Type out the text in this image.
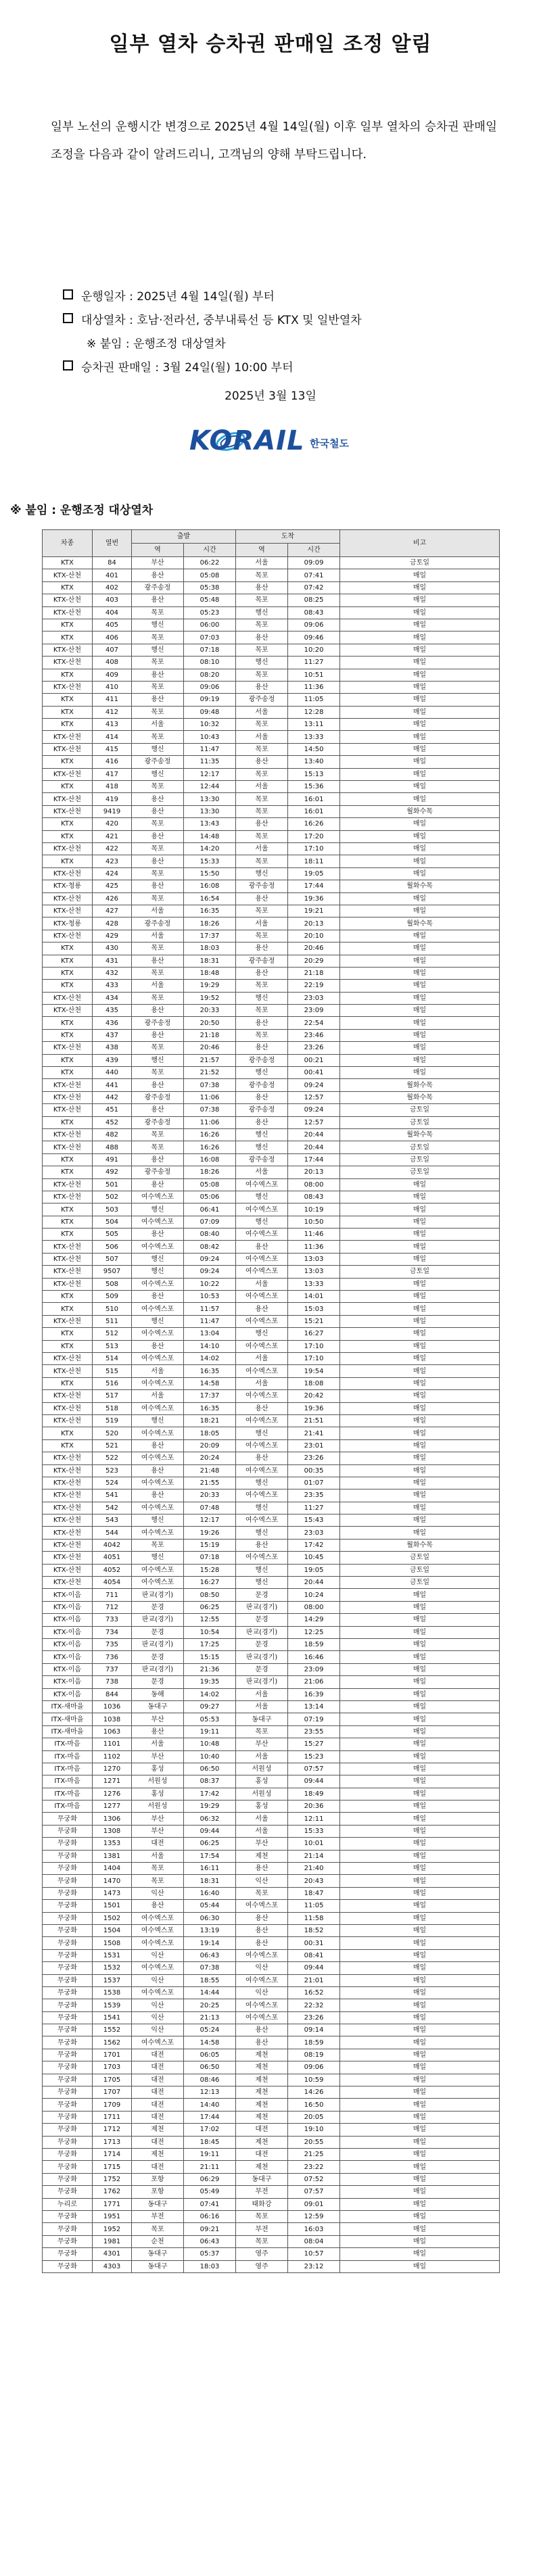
일부 열차 승차권 판매일 조정 알림
일부 노선의 운행시간 변경으로 2025년 4월 14일(월) 이후 일부 열차의 승차권 판매일 조정을 다음과 같이 알려드리니, 고객님의 양해 부탁드립니다.
운행일자 : 2025년 4월 14일(월) 부터
대상열차 : 호남·전라선, 중부내륙선 등 KTX 및 일반열차
※ 붙임 : 운행조정 대상열차
승차권 판매일 : 3월 24일(월) 10:00 부터
2025년 3월 13일
KORAIL 한국철도
※ 붙임 : 운행조정 대상열차
차종	열번	출발		도착		비고
		역	시간	역	시간	
KTX	84	부산	06:22	서울	09:09	금토일
KTX-산천	401	용산	05:08	목포	07:41	매일
KTX	402	광주송정	05:38	용산	07:42	매일
KTX-산천	403	용산	05:48	목포	08:25	매일
KTX-산천	404	목포	05:23	행신	08:43	매일
KTX	405	행신	06:00	목포	09:06	매일
KTX	406	목포	07:03	용산	09:46	매일
KTX-산천	407	행신	07:18	목포	10:20	매일
KTX-산천	408	목포	08:10	행신	11:27	매일
KTX	409	용산	08:20	목포	10:51	매일
KTX-산천	410	목포	09:06	용산	11:36	매일
KTX	411	용산	09:19	광주송정	11:05	매일
KTX	412	목포	09:48	서울	12:28	매일
KTX	413	서울	10:32	목포	13:11	매일
KTX-산천	414	목포	10:43	서울	13:33	매일
KTX-산천	415	행신	11:47	목포	14:50	매일
KTX	416	광주송정	11:35	용산	13:40	매일
KTX-산천	417	행신	12:17	목포	15:13	매일
KTX	418	목포	12:44	서울	15:36	매일
KTX-산천	419	용산	13:30	목포	16:01	매일
KTX-산천	9419	용산	13:30	목포	16:01	월화수목
KTX	420	목포	13:43	용산	16:26	매일
KTX	421	용산	14:48	목포	17:20	매일
KTX-산천	422	목포	14:20	서울	17:10	매일
KTX	423	용산	15:33	목포	18:11	매일
KTX-산천	424	목포	15:50	행신	19:05	매일
KTX-청룡	425	용산	16:08	광주송정	17:44	월화수목
KTX-산천	426	목포	16:54	용산	19:36	매일
KTX-산천	427	서울	16:35	목포	19:21	매일
KTX-청룡	428	광주송정	18:26	서울	20:13	월화수목
KTX-산천	429	서울	17:37	목포	20:10	매일
KTX	430	목포	18:03	용산	20:46	매일
KTX	431	용산	18:31	광주송정	20:29	매일
KTX	432	목포	18:48	용산	21:18	매일
KTX	433	서울	19:29	목포	22:19	매일
KTX-산천	434	목포	19:52	행신	23:03	매일
KTX-산천	435	용산	20:33	목포	23:09	매일
KTX	436	광주송정	20:50	용산	22:54	매일
KTX	437	용산	21:18	목포	23:46	매일
KTX-산천	438	목포	20:46	용산	23:26	매일
KTX	439	행신	21:57	광주송정	00:21	매일
KTX	440	목포	21:52	행신	00:41	매일
KTX-산천	441	용산	07:38	광주송정	09:24	월화수목
KTX-산천	442	광주송정	11:06	용산	12:57	월화수목
KTX-산천	451	용산	07:38	광주송정	09:24	금토일
KTX	452	광주송정	11:06	용산	12:57	금토일
KTX-산천	482	목포	16:26	행신	20:44	월화수목
KTX-산천	488	목포	16:26	행신	20:44	금토일
KTX	491	용산	16:08	광주송정	17:44	금토일
KTX	492	광주송정	18:26	서울	20:13	금토일
KTX-산천	501	용산	05:08	여수엑스포	08:00	매일
KTX-산천	502	여수엑스포	05:06	행신	08:43	매일
KTX	503	행신	06:41	여수엑스포	10:19	매일
KTX	504	여수엑스포	07:09	행신	10:50	매일
KTX	505	용산	08:40	여수엑스포	11:46	매일
KTX-산천	506	여수엑스포	08:42	용산	11:36	매일
KTX-산천	507	행신	09:24	여수엑스포	13:03	매일
KTX-산천	9507	행신	09:24	여수엑스포	13:03	금토일
KTX-산천	508	여수엑스포	10:22	서울	13:33	매일
KTX	509	용산	10:53	여수엑스포	14:01	매일
KTX	510	여수엑스포	11:57	용산	15:03	매일
KTX-산천	511	행신	11:47	여수엑스포	15:21	매일
KTX	512	여수엑스포	13:04	행신	16:27	매일
KTX	513	용산	14:10	여수엑스포	17:10	매일
KTX-산천	514	여수엑스포	14:02	서울	17:10	매일
KTX-산천	515	서울	16:35	여수엑스포	19:54	매일
KTX	516	여수엑스포	14:58	서울	18:08	매일
KTX-산천	517	서울	17:37	여수엑스포	20:42	매일
KTX-산천	518	여수엑스포	16:35	용산	19:36	매일
KTX-산천	519	행신	18:21	여수엑스포	21:51	매일
KTX	520	여수엑스포	18:05	행신	21:41	매일
KTX	521	용산	20:09	여수엑스포	23:01	매일
KTX-산천	522	여수엑스포	20:24	용산	23:26	매일
KTX-산천	523	용산	21:48	여수엑스포	00:35	매일
KTX-산천	524	여수엑스포	21:55	행신	01:07	매일
KTX-산천	541	용산	20:33	여수엑스포	23:35	매일
KTX-산천	542	여수엑스포	07:48	행신	11:27	매일
KTX-산천	543	행신	12:17	여수엑스포	15:43	매일
KTX-산천	544	여수엑스포	19:26	행신	23:03	매일
KTX-산천	4042	목포	15:19	용산	17:42	월화수목
KTX-산천	4051	행신	07:18	여수엑스포	10:45	금토일
KTX-산천	4052	여수엑스포	15:28	행신	19:05	금토일
KTX-산천	4054	여수엑스포	16:27	행신	20:44	금토일
KTX-이음	711	판교(경기)	08:50	문경	10:24	매일
KTX-이음	712	문경	06:25	판교(경기)	08:00	매일
KTX-이음	733	판교(경기)	12:55	문경	14:29	매일
KTX-이음	734	문경	10:54	판교(경기)	12:25	매일
KTX-이음	735	판교(경기)	17:25	문경	18:59	매일
KTX-이음	736	문경	15:15	판교(경기)	16:46	매일
KTX-이음	737	판교(경기)	21:36	문경	23:09	매일
KTX-이음	738	문경	19:35	판교(경기)	21:06	매일
KTX-이음	844	동해	14:02	서울	16:39	매일
ITX-새마을	1036	동대구	09:27	서울	13:14	매일
ITX-새마을	1038	부산	05:53	동대구	07:19	매일
ITX-새마을	1063	용산	19:11	목포	23:55	매일
ITX-마음	1101	서울	10:48	부산	15:27	매일
ITX-마음	1102	부산	10:40	서울	15:23	매일
ITX-마음	1270	홍성	06:50	서원성	07:57	매일
ITX-마음	1271	서원성	08:37	홍성	09:44	매일
ITX-마음	1276	홍성	17:42	서원성	18:49	매일
ITX-마음	1277	서원성	19:29	홍성	20:36	매일
무궁화	1306	부산	06:32	서울	12:11	매일
무궁화	1308	부산	09:44	서울	15:33	매일
무궁화	1353	대전	06:25	부산	10:01	매일
무궁화	1381	서울	17:54	제천	21:14	매일
무궁화	1404	목포	16:11	용산	21:40	매일
무궁화	1470	목포	18:31	익산	20:43	매일
무궁화	1473	익산	16:40	목포	18:47	매일
무궁화	1501	용산	05:44	여수엑스포	11:05	매일
무궁화	1502	여수엑스포	06:30	용산	11:58	매일
무궁화	1504	여수엑스포	13:19	용산	18:52	매일
무궁화	1508	여수엑스포	19:14	용산	00:31	매일
무궁화	1531	익산	06:43	여수엑스포	08:41	매일
무궁화	1532	여수엑스포	07:38	익산	09:44	매일
무궁화	1537	익산	18:55	여수엑스포	21:01	매일
무궁화	1538	여수엑스포	14:44	익산	16:52	매일
무궁화	1539	익산	20:25	여수엑스포	22:32	매일
무궁화	1541	익산	21:13	여수엑스포	23:26	매일
무궁화	1552	익산	05:24	용산	09:14	매일
무궁화	1562	여수엑스포	14:58	용산	18:59	매일
무궁화	1701	대전	06:05	제천	08:19	매일
무궁화	1703	대전	06:50	제천	09:06	매일
무궁화	1705	대전	08:46	제천	10:59	매일
무궁화	1707	대전	12:13	제천	14:26	매일
무궁화	1709	대전	14:40	제천	16:50	매일
무궁화	1711	대전	17:44	제천	20:05	매일
무궁화	1712	제천	17:02	대전	19:10	매일
무궁화	1713	대전	18:45	제천	20:55	매일
무궁화	1714	제천	19:11	대전	21:25	매일
무궁화	1715	대전	21:11	제천	23:22	매일
무궁화	1752	포항	06:29	동대구	07:52	매일
무궁화	1762	포항	05:49	부전	07:57	매일
누리로	1771	동대구	07:41	태화강	09:01	매일
무궁화	1951	부전	06:16	목포	12:59	매일
무궁화	1952	목포	09:21	부전	16:03	매일
무궁화	1981	순천	06:43	목포	08:04	매일
무궁화	4301	동대구	05:37	영주	10:57	매일
무궁화	4303	동대구	18:03	영주	23:12	매일
